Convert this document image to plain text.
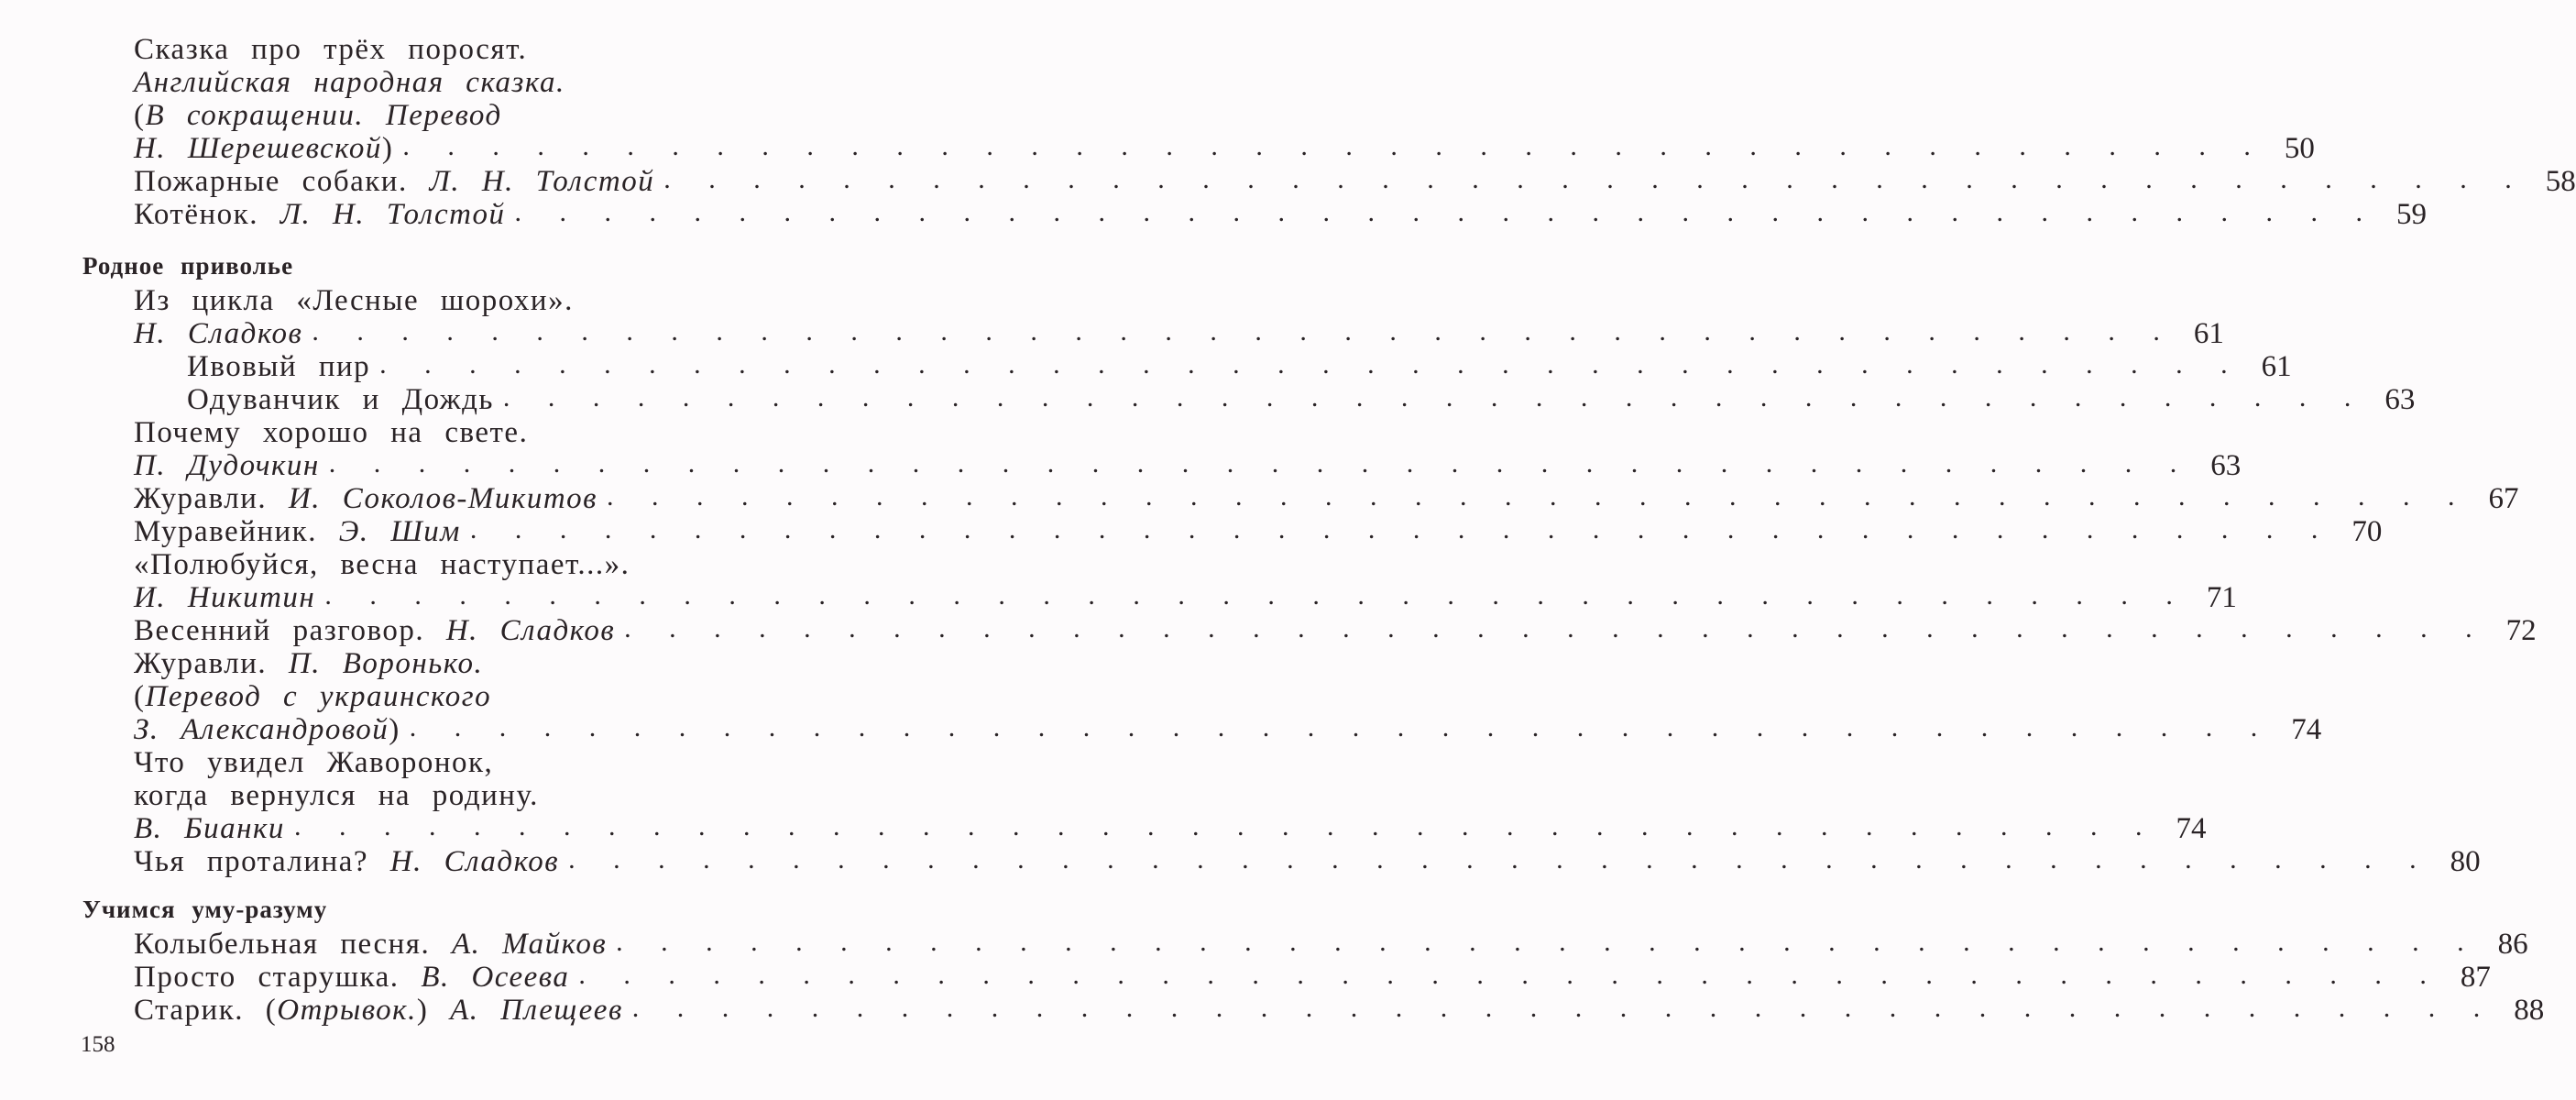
Сказка про трёх поросят.
Английская народная сказка.
(В сокращении. Перевод
Н. Шерешевской) . . . . . . . . . . . . . . . . . . . . . . . . . . . . . . . . . . . . . . . . . . 50
Пожарные собаки. Л. Н. Толстой . . . . . . . . . . . . . . . . . . . . . . . . . . . . . . . . . . . . . . . . . . 58
Котёнок. Л. Н. Толстой . . . . . . . . . . . . . . . . . . . . . . . . . . . . . . . . . . . . . . . . . . 59
Родное приволье
Из цикла «Лесные шорохи».
Н. Сладков . . . . . . . . . . . . . . . . . . . . . . . . . . . . . . . . . . . . . . . . . . 61
Ивовый пир . . . . . . . . . . . . . . . . . . . . . . . . . . . . . . . . . . . . . . . . . . 61
Одуванчик и Дождь . . . . . . . . . . . . . . . . . . . . . . . . . . . . . . . . . . . . . . . . . . 63
Почему хорошо на свете.
П. Дудочкин . . . . . . . . . . . . . . . . . . . . . . . . . . . . . . . . . . . . . . . . . . 63
Журавли. И. Соколов-Микитов . . . . . . . . . . . . . . . . . . . . . . . . . . . . . . . . . . . . . . . . . . 67
Муравейник. Э. Шим . . . . . . . . . . . . . . . . . . . . . . . . . . . . . . . . . . . . . . . . . . 70
«Полюбуйся, весна наступает...».
И. Никитин . . . . . . . . . . . . . . . . . . . . . . . . . . . . . . . . . . . . . . . . . . 71
Весенний разговор. Н. Сладков . . . . . . . . . . . . . . . . . . . . . . . . . . . . . . . . . . . . . . . . . . 72
Журавли. П. Воронько.
(Перевод с украинского
З. Александровой) . . . . . . . . . . . . . . . . . . . . . . . . . . . . . . . . . . . . . . . . . . 74
Что увидел Жаворонок,
когда вернулся на родину.
В. Бианки . . . . . . . . . . . . . . . . . . . . . . . . . . . . . . . . . . . . . . . . . . 74
Чья проталина? Н. Сладков . . . . . . . . . . . . . . . . . . . . . . . . . . . . . . . . . . . . . . . . . . 80
Учимся уму-разуму
Колыбельная песня. А. Майков . . . . . . . . . . . . . . . . . . . . . . . . . . . . . . . . . . . . . . . . . . 86
Просто старушка. В. Осеева . . . . . . . . . . . . . . . . . . . . . . . . . . . . . . . . . . . . . . . . . . 87
Старик. (Отрывок.) А. Плещеев . . . . . . . . . . . . . . . . . . . . . . . . . . . . . . . . . . . . . . . . . . 88
158
